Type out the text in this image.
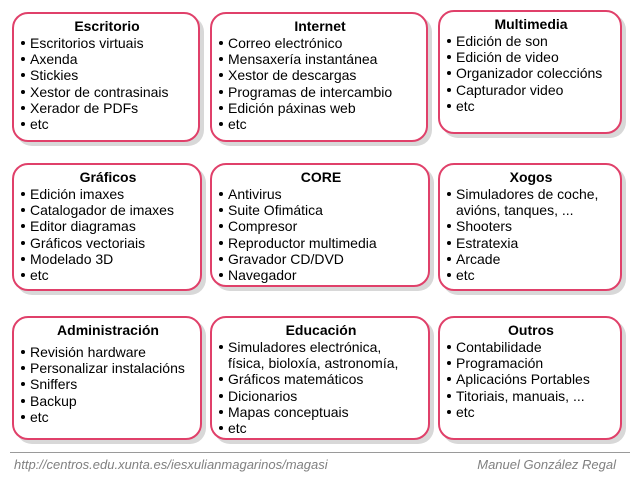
Escritorio
Escritorios virtuais
Axenda
Stickies
Xestor de contrasinais
Xerador de PDFs
etc
Internet
Correo electrónico
Mensaxería instantánea
Xestor de descargas
Programas de intercambio
Edición páxinas web
etc
Multimedia
Edición de son
Edición de video
Organizador coleccións
Capturador video
etc
Gráficos
Edición imaxes
Catalogador de imaxes
Editor diagramas
Gráficos vectoriais
Modelado 3D
etc
CORE
Antivirus
Suite Ofimática
Compresor
Reproductor multimedia
Gravador CD/DVD
Navegador
Xogos
Simuladores de coche,
avións, tanques, ...
Shooters
Estratexia
Arcade
etc
Administración
Revisión hardware
Personalizar instalacións
Sniffers
Backup
etc
Educación
Simuladores electrónica,
física, bioloxía, astronomía,
Gráficos matemáticos
Dicionarios
Mapas conceptuais
etc
Outros
Contabilidade
Programación
Aplicacións Portables
Titoriais, manuais, ...
etc
http://centros.edu.xunta.es/iesxulianmagarinos/magasi	Manuel González Regal
